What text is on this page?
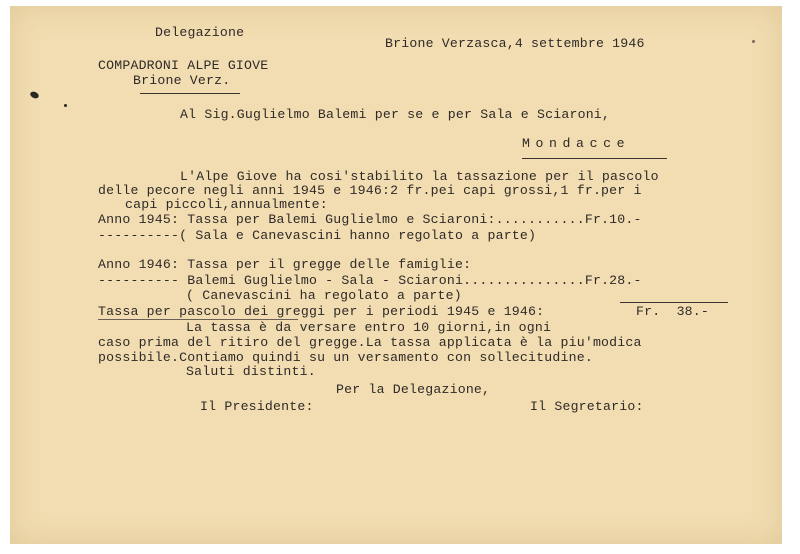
Delegazione
Brione Verzasca,4 settembre 1946
COMPADRONI ALPE GIOVE
Brione Verz.
Al Sig.Guglielmo Balemi per se e per Sala e Sciaroni,
Mondacce
L'Alpe Giove ha cosi'stabilito la tassazione per il pascolo
delle pecore negli anni 1945 e 1946:2 fr.pei capi grossi,1 fr.per i
capi piccoli,annualmente:
Anno 1945: Tassa per Balemi Guglielmo e Sciaroni:...........Fr.10.-
----------( Sala e Canevascini hanno regolato a parte)
Anno 1946: Tassa per il gregge delle famiglie:
---------- Balemi Guglielmo - Sala - Sciaroni...............Fr.28.-
( Canevascini ha regolato a parte)
Tassa per pascolo dei greggi per i periodi 1945 e 1946:	Fr.  38.-
La tassa è da versare entro 10 giorni,in ogni
caso prima del ritiro del gregge.La tassa applicata è la piu'modica
possibile.Contiamo quindi su un versamento con sollecitudine.
Saluti distinti.
Per la Delegazione,
Il Presidente:	Il Segretario:
